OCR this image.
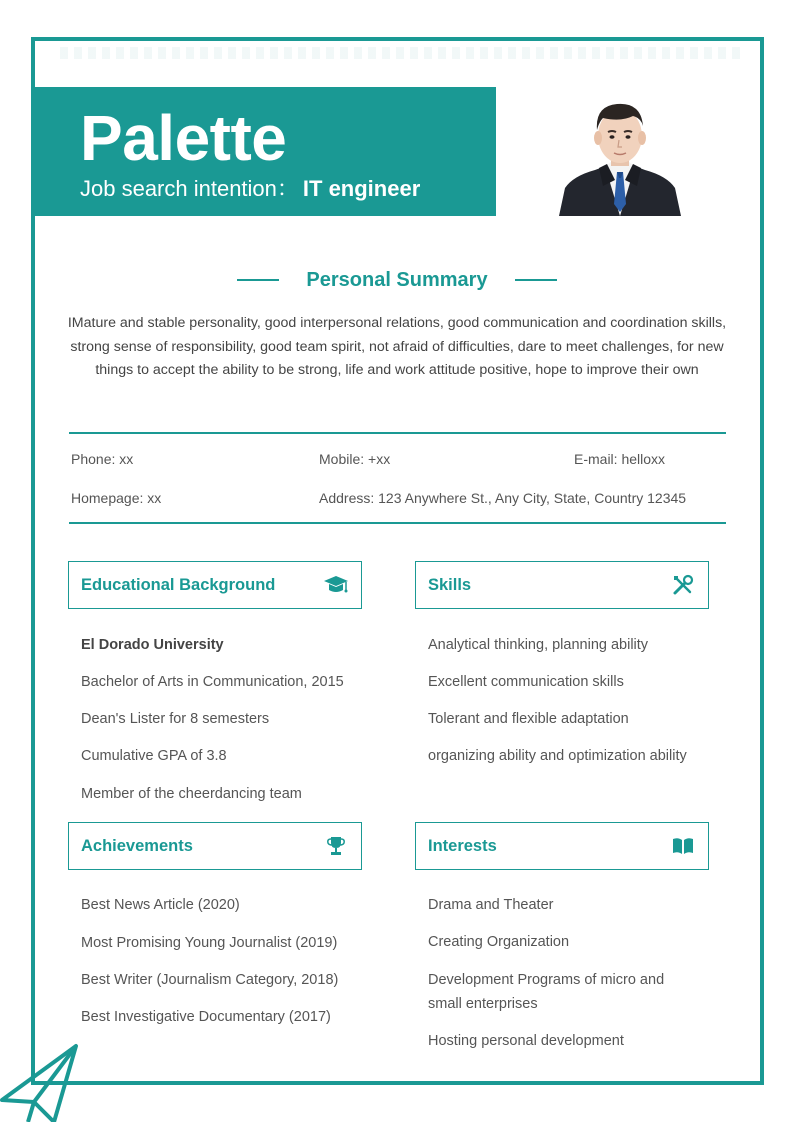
Palette
Job search intention： IT engineer
Personal Summary
IMature and stable personality, good interpersonal relations, good communication and coordination skills, strong sense of responsibility, good team spirit, not afraid of difficulties, dare to meet challenges, for new things to accept the ability to be strong, life and work attitude positive, hope to improve their own
Phone: xx	Mobile: +xx	E-mail: helloxx
Homepage: xx	Address: 123 Anywhere St., Any City, State, Country 12345
Educational Background
El Dorado University
Bachelor of Arts in Communication, 2015
Dean's Lister for 8 semesters
Cumulative GPA of 3.8
Member of the cheerdancing team
Skills
Analytical thinking, planning ability
Excellent communication skills
Tolerant and flexible adaptation
organizing ability and optimization ability
Achievements
Best News Article (2020)
Most Promising Young Journalist (2019)
Best Writer (Journalism Category, 2018)
Best Investigative Documentary (2017)
Interests
Drama and Theater
Creating Organization
Development Programs of micro and small enterprises
Hosting personal development
